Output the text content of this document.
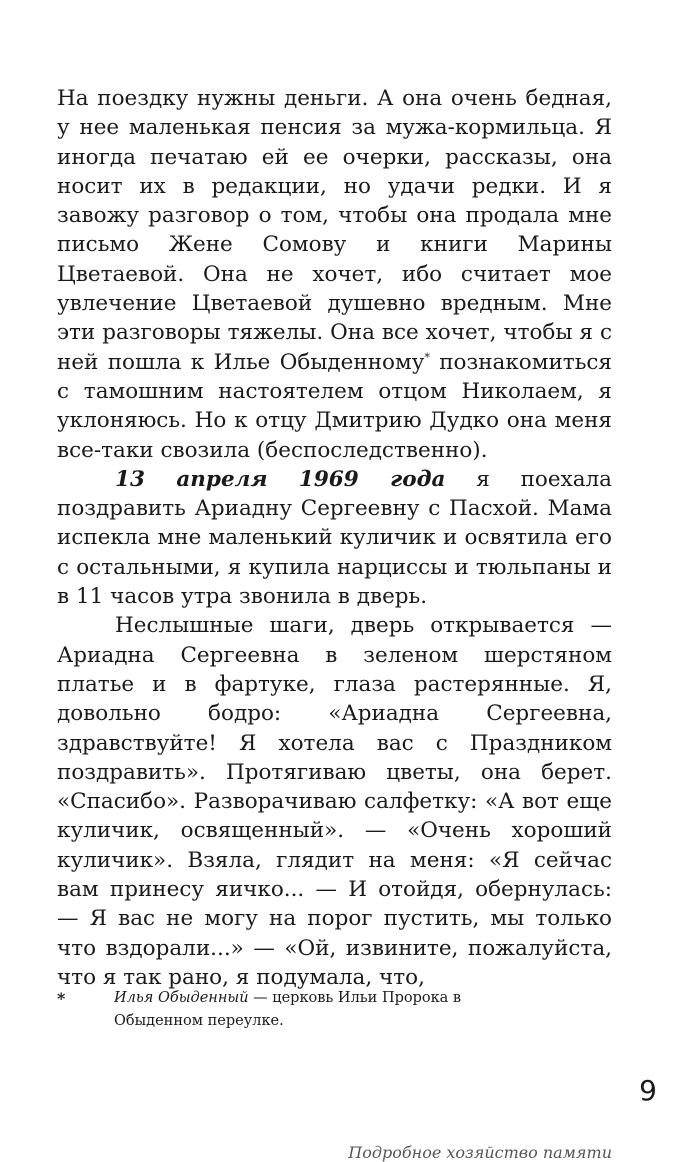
На поездку нужны деньги. А она очень бедная, у нее маленькая пенсия за мужа-кормильца. Я иногда печатаю ей ее очерки, рассказы, она носит их в редакции, но удачи редки. И я завожу разговор о том, чтобы она продала мне письмо Жене Сомову и книги Марины Цветаевой. Она не хочет, ибо считает мое увлечение Цветаевой душевно вредным. Мне эти разговоры тяжелы. Она все хочет, чтобы я с ней пошла к Илье Обыденному* познакомиться с тамошним настоятелем отцом Николаем, я уклоняюсь. Но к отцу Дмитрию Дудко она меня все-таки свозила (беспоследственно).

13 апреля 1969 года я поехала поздравить Ариадну Сергеевну с Пасхой. Мама испекла мне маленький куличик и освятила его с остальными, я купила нарциссы и тюльпаны и в 11 часов утра звонила в дверь.

Неслышные шаги, дверь открывается — Ариадна Сергеевна в зеленом шерстяном платье и в фартуке, глаза растерянные. Я, довольно бодро: «Ариадна Сергеевна, здравствуйте! Я хотела вас с Праздником поздравить». Протягиваю цветы, она берет. «Спасибо». Разворачиваю салфетку: «А вот еще куличик, освященный». — «Очень хороший куличик». Взяла, глядит на меня: «Я сейчас вам принесу яичко... — И отойдя, обернулась: — Я вас не могу на порог пустить, мы только что вздорали...» — «Ой, извините, пожалуйста, что я так рано, я подумала, что,

*	Илья Обыденный — церковь Ильи Пророка в Обыденном переулке.
9
Подробное хозяйство памяти
